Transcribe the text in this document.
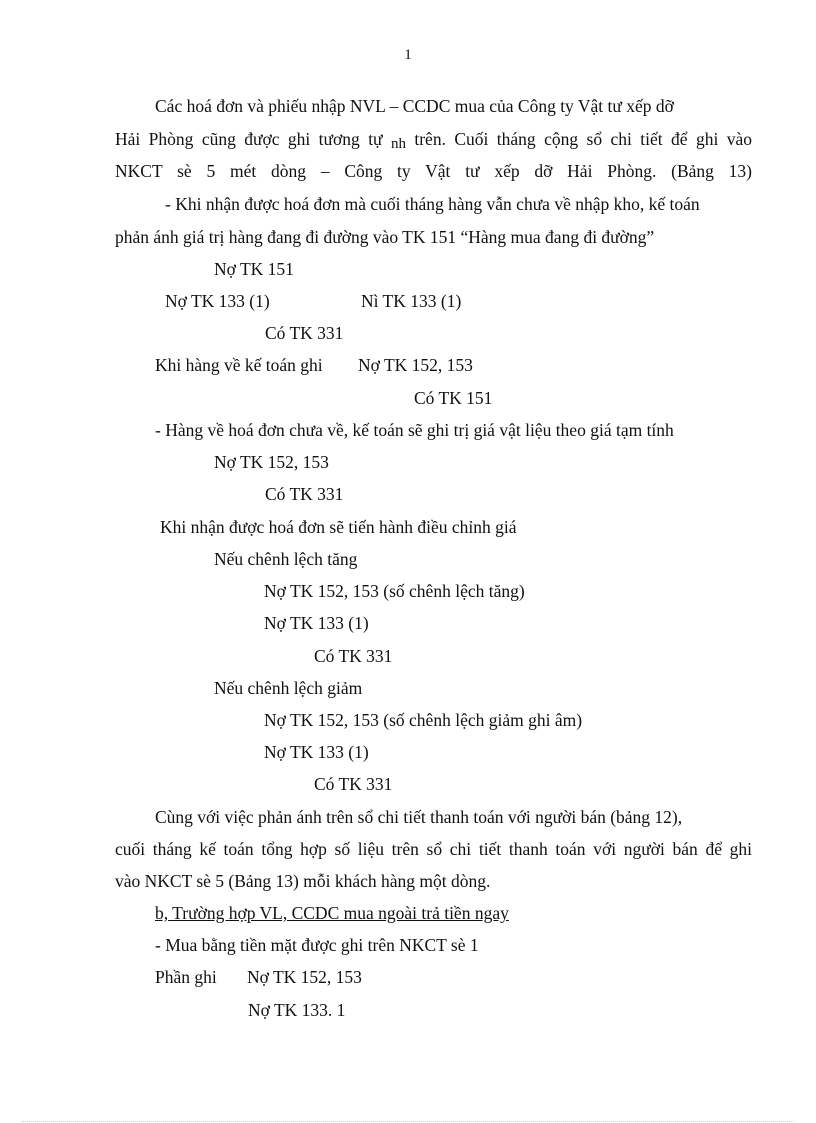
1
Các hoá đơn và phiếu nhập NVL – CCDC mua của Công ty Vật tư xếp dỡ
Hải Phòng cũng được ghi tương tự nh trên. Cuối tháng cộng sổ chi tiết để ghi vào
NKCT sè 5 mét dòng – Công ty Vật tư xếp dỡ Hải Phòng. (Bảng 13)
- Khi nhận được hoá đơn mà cuối tháng hàng vẫn chưa về nhập kho, kế toán
phản ánh giá trị hàng đang đi đường vào TK 151 “Hàng mua đang đi đường”
Nợ TK 151
Nợ TK 133 (1)	Nì TK 133 (1)
Có TK 331
Khi hàng về kế toán ghi Nợ TK 152, 153
Có TK 151
- Hàng về hoá đơn chưa về, kế toán sẽ ghi trị giá vật liệu theo giá tạm tính
Nợ TK 152, 153
Có TK 331
Khi nhận được hoá đơn sẽ tiến hành điều chỉnh giá
Nếu chênh lệch tăng
Nợ TK 152, 153 (số chênh lệch tăng)
Nợ TK 133 (1)
Có TK 331
Nếu chênh lệch giảm
Nợ TK 152, 153 (số chênh lệch giảm ghi âm)
Nợ TK 133 (1)
Có TK 331
Cùng với việc phản ánh trên sổ chi tiết thanh toán với người bán (bảng 12),
cuối tháng kế toán tổng hợp số liệu trên sổ chi tiết thanh toán với người bán để ghi
vào NKCT sè 5 (Bảng 13) mỗi khách hàng một dòng.
b, Trường hợp VL, CCDC mua ngoài trả tiền ngay
- Mua bằng tiền mặt được ghi trên NKCT sè 1
Phần ghi Nợ TK 152, 153
Nợ TK 133. 1
